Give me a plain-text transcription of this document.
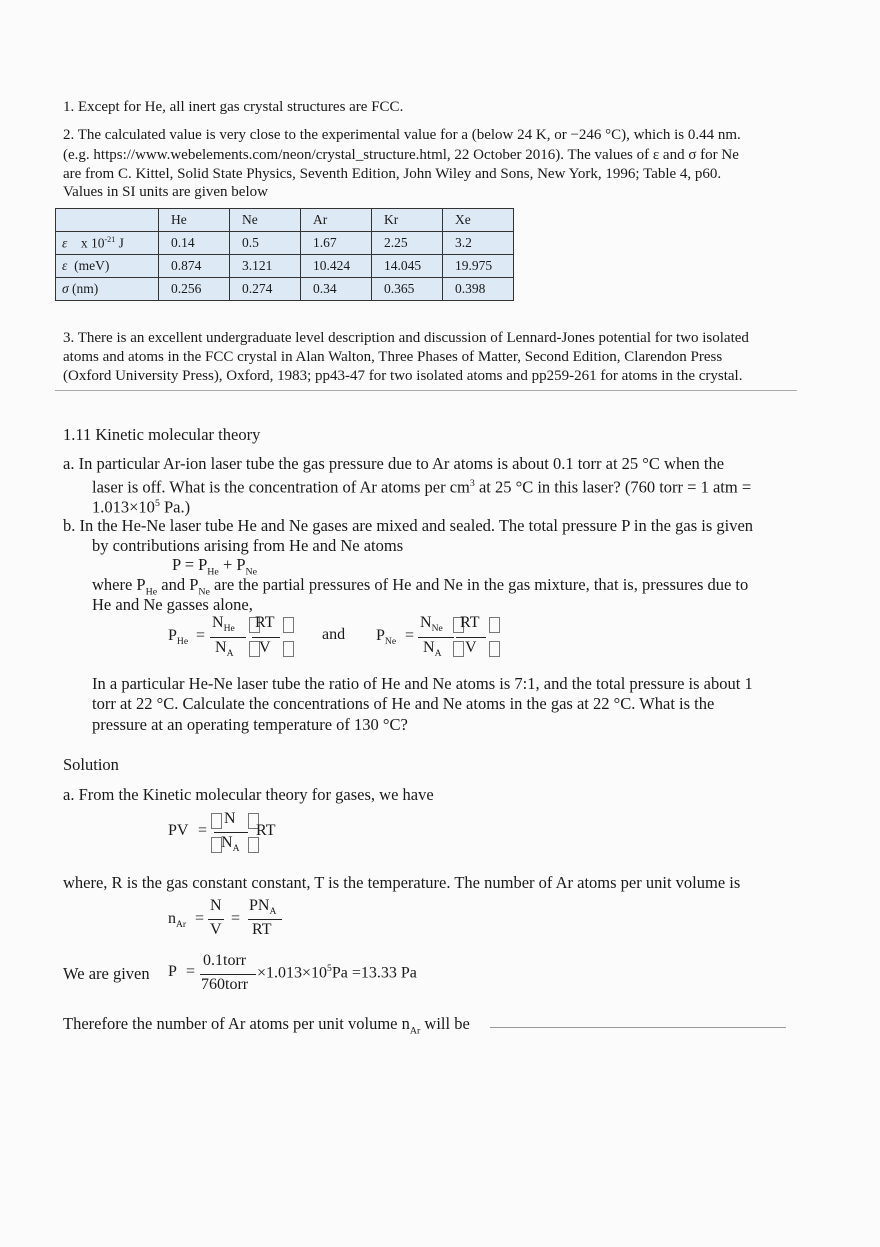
1. Except for He, all inert gas crystal structures are FCC.
2. The calculated value is very close to the experimental value for a (below 24 K, or −246 °C), which is 0.44 nm.
(e.g. https://www.webelements.com/neon/crystal_structure.html, 22 October 2016). The values of ε and σ for Ne
are from C. Kittel, Solid State Physics, Seventh Edition, John Wiley and Sons, New York, 1996; Table 4, p60.
Values in SI units are given below
	He	Ne	Ar	Kr	Xe
ε x $10^{-21}$ J	0.14	0.5	1.67	2.25	3.2
ε (meV)	0.874	3.121	10.424	14.045	19.975
σ (nm)	0.256	0.274	0.34	0.365	0.398
3. There is an excellent undergraduate level description and discussion of Lennard-Jones potential for two isolated
atoms and atoms in the FCC crystal in Alan Walton, Three Phases of Matter, Second Edition, Clarendon Press
(Oxford University Press), Oxford, 1983; pp43-47 for two isolated atoms and pp259-261 for atoms in the crystal.
1.11 Kinetic molecular theory
a. In particular Ar-ion laser tube the gas pressure due to Ar atoms is about 0.1 torr at 25 °C when the
laser is off. What is the concentration of Ar atoms per $cm^3$ at 25 °C in this laser? (760 torr = 1 atm =
$1.013\times 10^5$ Pa.)
b. In the He-Ne laser tube He and Ne gases are mixed and sealed. The total pressure P in the gas is given
by contributions arising from He and Ne atoms
$P = P_{He} + P_{Ne}$
where $P_{He}$ and $P_{Ne}$ are the partial pressures of He and Ne in the gas mixture, that is, pressures due to
He and Ne gasses alone,
$P_{He}$ =
$N_{He}$
$N_A$
RT
V
and $P_{Ne}$ =
$N_{Ne}$
$N_A$
RT
V
In a particular He-Ne laser tube the ratio of He and Ne atoms is 7:1, and the total pressure is about 1
torr at 22 °C. Calculate the concentrations of He and Ne atoms in the gas at 22 °C. What is the
pressure at an operating temperature of 130 °C?
Solution
a. From the Kinetic molecular theory for gases, we have
PV =
N
$N_A$
RT
where, R is the gas constant constant, T is the temperature. The number of Ar atoms per unit volume is
$n_{Ar}$ =
N
V
=
$PN_A$
RT
We are given P =
0.1torr
760torr
$\times 1.013\times 10^5Pa =13.33$ Pa
Therefore the number of Ar atoms per unit volume $n_{Ar}$ will be
